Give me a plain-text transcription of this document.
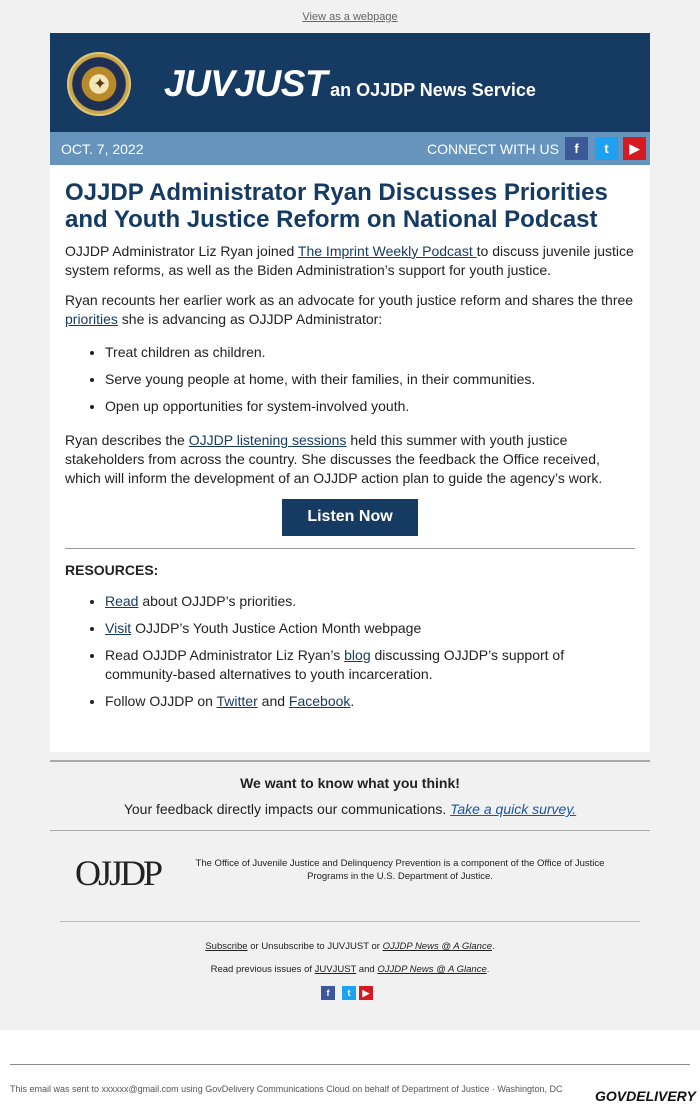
View as a webpage
✦ JUVJUST an OJJDP News Service
OCT. 7, 2022	CONNECT WITH US	f	t	▶
OJJDP Administrator Ryan Discusses Priorities and Youth Justice Reform on National Podcast

OJJDP Administrator Liz Ryan joined The Imprint Weekly Podcast to discuss juvenile justice system reforms, as well as the Biden Administration’s support for youth justice.

Ryan recounts her earlier work as an advocate for youth justice reform and shares the three priorities she is advancing as OJJDP Administrator:

• Treat children as children.
• Serve young people at home, with their families, in their communities.
• Open up opportunities for system-involved youth.

Ryan describes the OJJDP listening sessions held this summer with youth justice stakeholders from across the country. She discusses the feedback the Office received, which will inform the development of an OJJDP action plan to guide the agency’s work.

Listen Now
RESOURCES:
• Read about OJJDP’s priorities.
• Visit OJJDP’s Youth Justice Action Month webpage
• Read OJJDP Administrator Liz Ryan’s blog discussing OJJDP’s support of community-based alternatives to youth incarceration.
• Follow OJJDP on Twitter and Facebook.
We want to know what you think!
Your feedback directly impacts our communications. Take a quick survey.
OJJDP	The Office of Juvenile Justice and Delinquency Prevention is a component of the Office of Justice Programs in the U.S. Department of Justice.
Subscribe or Unsubscribe to JUVJUST or OJJDP News @ A Glance.
Read previous issues of JUVJUST and OJJDP News @ A Glance.
f	t	▶
This email was sent to xxxxxx@gmail.com using GovDelivery Communications Cloud on behalf of Department of Justice · Washington, DC	GOVDELIVERY
